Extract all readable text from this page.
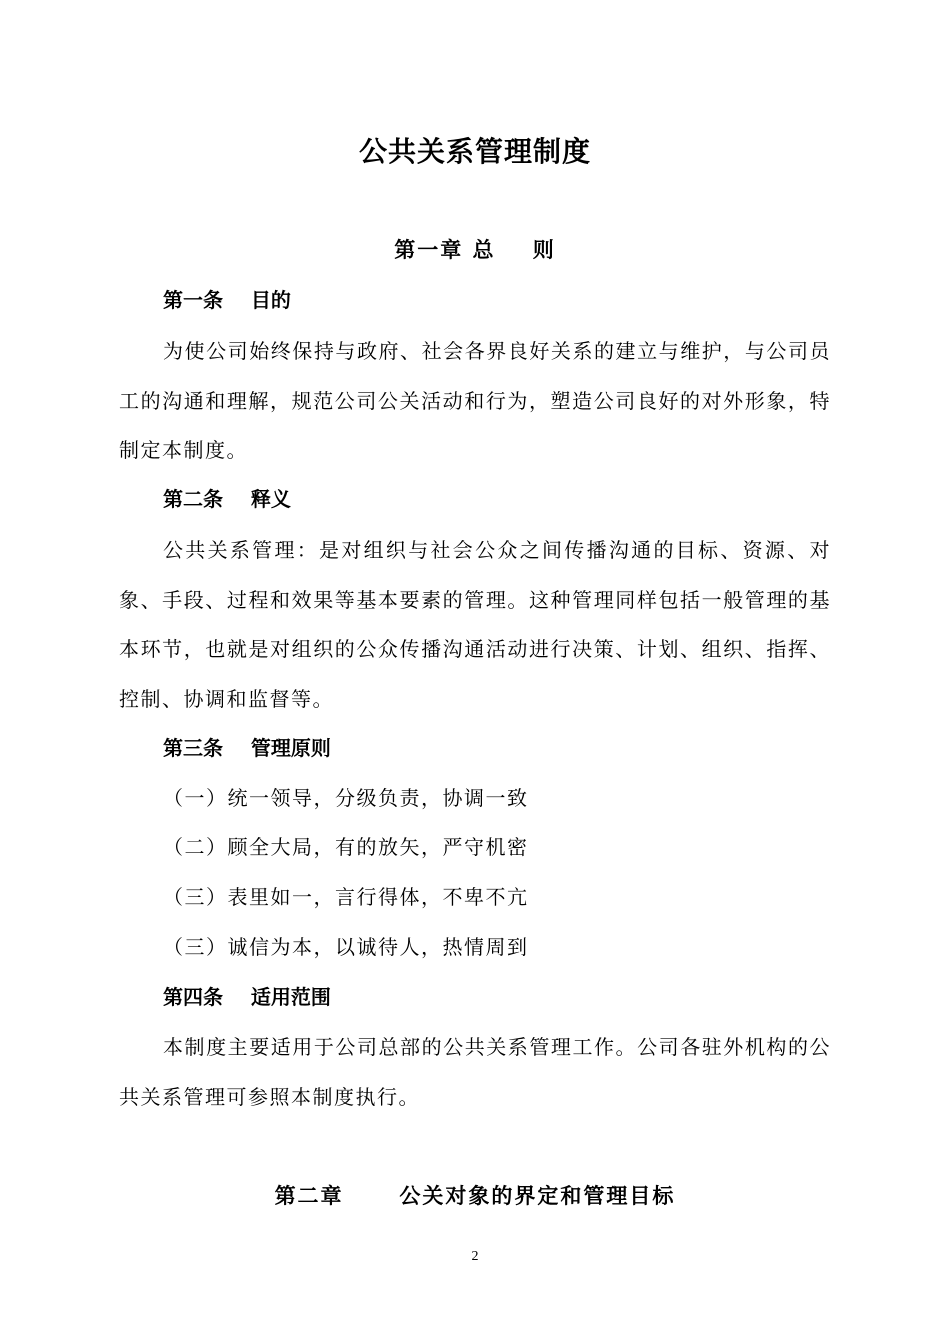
公共关系管理制度
第一章 总    则
第一条    目的
为使公司始终保持与政府、社会各界良好关系的建立与维护，与公司员工的沟通和理解，规范公司公关活动和行为，塑造公司良好的对外形象，特制定本制度。
第二条    释义
公共关系管理：是对组织与社会公众之间传播沟通的目标、资源、对象、手段、过程和效果等基本要素的管理。这种管理同样包括一般管理的基本环节，也就是对组织的公众传播沟通活动进行决策、计划、组织、指挥、控制、协调和监督等。
第三条    管理原则
（一）统一领导，分级负责，协调一致
（二）顾全大局，有的放矢，严守机密
（三）表里如一，言行得体，不卑不亢
（三）诚信为本，以诚待人，热情周到
第四条    适用范围
本制度主要适用于公司总部的公共关系管理工作。公司各驻外机构的公共关系管理可参照本制度执行。
第二章      公关对象的界定和管理目标
2
